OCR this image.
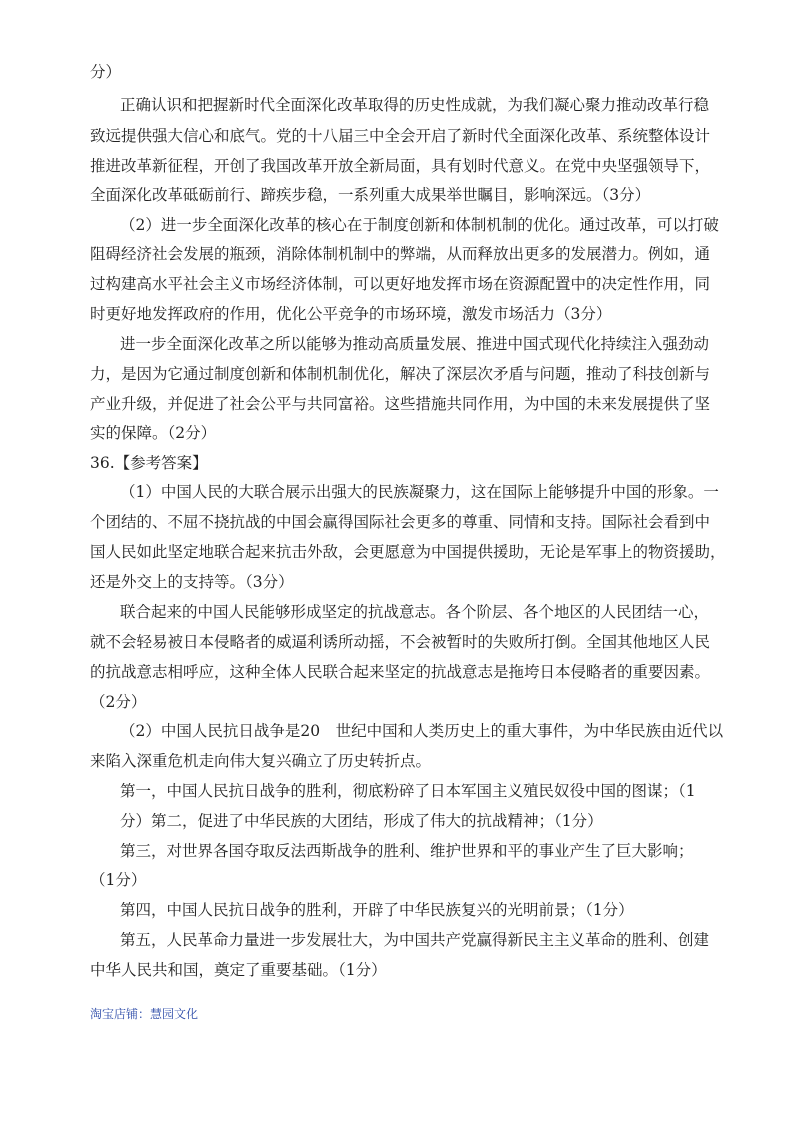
分）

正确认识和把握新时代全面深化改革取得的历史性成就，为我们凝心聚力推动改革行稳

致远提供强大信心和底气。党的十八届三中全会开启了新时代全面深化改革、系统整体设计

推进改革新征程，开创了我国改革开放全新局面，具有划时代意义。在党中央坚强领导下，

全面深化改革砥砺前行、蹄疾步稳，一系列重大成果举世瞩目，影响深远。（3分）

（2）进一步全面深化改革的核心在于制度创新和体制机制的优化。通过改革，可以打破

阻碍经济社会发展的瓶颈，消除体制机制中的弊端，从而释放出更多的发展潜力。例如，通

过构建高水平社会主义市场经济体制，可以更好地发挥市场在资源配置中的决定性作用，同

时更好地发挥政府的作用，优化公平竞争的市场环境，激发市场活力（3分）

进一步全面深化改革之所以能够为推动高质量发展、推进中国式现代化持续注入强劲动

力，是因为它通过制度创新和体制机制优化，解决了深层次矛盾与问题，推动了科技创新与

产业升级，并促进了社会公平与共同富裕。这些措施共同作用，为中国的未来发展提供了坚

实的保障。（2分）

36.【参考答案】

（1）中国人民的大联合展示出强大的民族凝聚力，这在国际上能够提升中国的形象。一

个团结的、不屈不挠抗战的中国会赢得国际社会更多的尊重、同情和支持。国际社会看到中

国人民如此坚定地联合起来抗击外敌，会更愿意为中国提供援助，无论是军事上的物资援助，

还是外交上的支持等。（3分）

联合起来的中国人民能够形成坚定的抗战意志。各个阶层、各个地区的人民团结一心，

就不会轻易被日本侵略者的威逼利诱所动摇，不会被暂时的失败所打倒。全国其他地区人民

的抗战意志相呼应，这种全体人民联合起来坚定的抗战意志是拖垮日本侵略者的重要因素。

（2分）

（2）中国人民抗日战争是20　世纪中国和人类历史上的重大事件，为中华民族由近代以

来陷入深重危机走向伟大复兴确立了历史转折点。

第一，中国人民抗日战争的胜利，彻底粉碎了日本军国主义殖民奴役中国的图谋；（1

分）第二，促进了中华民族的大团结，形成了伟大的抗战精神；（1分）

第三，对世界各国夺取反法西斯战争的胜利、维护世界和平的事业产生了巨大影响；

（1分）

第四，中国人民抗日战争的胜利，开辟了中华民族复兴的光明前景；（1分）

第五，人民革命力量进一步发展壮大，为中国共产党赢得新民主主义革命的胜利、创建

中华人民共和国，奠定了重要基础。（1分）

淘宝店铺：慧园文化
